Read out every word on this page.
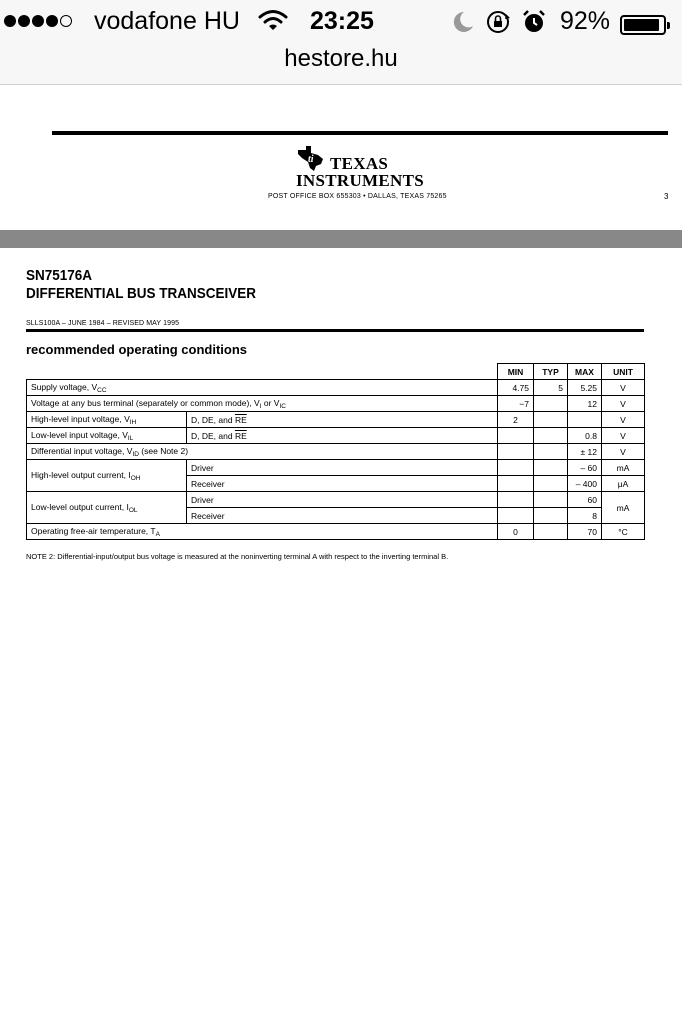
vodafone HU	23:25	92%
hestore.hu
ti TEXAS
INSTRUMENTS
POST OFFICE BOX 655303 • DALLAS, TEXAS 75265	3
SN75176A
DIFFERENTIAL BUS TRANSCEIVER
SLLS100A – JUNE 1984 – REVISED MAY 1995
recommended operating conditions
		MIN	TYP	MAX	UNIT
Supply voltage, $V_{CC}$		4.75	5	5.25	V
Voltage at any bus terminal (separately or common mode), $V_I$ or $V_{IC}$		−7		12	V
High-level input voltage, $V_{IH}$	D, DE, and $\overline{RE}$	2			V
Low-level input voltage, $V_{IL}$	D, DE, and $\overline{RE}$			0.8	V
Differential input voltage, $V_{ID}$ (see Note 2)				± 12	V
High-level output current, $I_{OH}$	Driver			– 60	mA
	Receiver			– 400	μA
Low-level output current, $I_{OL}$	Driver			60	mA
	Receiver			8	
Operating free-air temperature, $T_A$		0		70	°C
NOTE 2: Differential-input/output bus voltage is measured at the noninverting terminal A with respect to the inverting terminal B.
